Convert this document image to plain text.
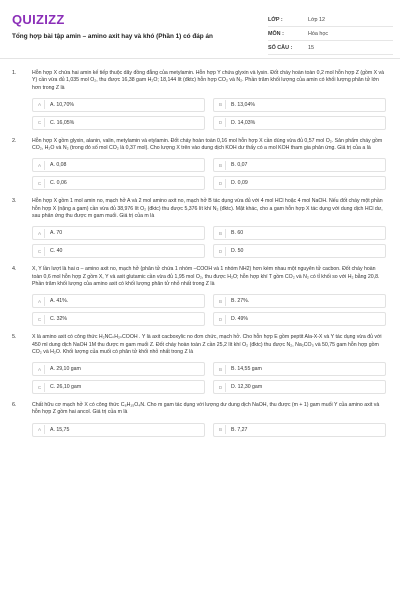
QUIZIZZ
Tổng hợp bài tập amin – amino axit hay và khó (Phần 1) có đáp án
LỚP :	Lớp 12
MÔN :	Hóa học
SỐ CÂU :	15
1.	Hỗn hợp X chứa hai amin kế tiếp thuộc dãy đồng đẳng của metylamin. Hỗn hợp Y chứa glyxin và lysin. Đốt cháy hoàn toàn 0,2 mol hỗn hợp Z (gồm X và Y) cần vừa đủ 1,035 mol O₂, thu được 16,38 gam H₂O; 18,144 lít (đktc) hỗn hợp CO₂ và N₂. Phần trăm khối lượng của amin có khối lượng phân tử lớn hơn trong Z là
A	A. 10,70%	B	B. 13,04%
C	C. 16,05%	D	D. 14,03%
2.	Hỗn hợp X gồm glyxin, alanin, valin, metylamin và etylamin. Đốt cháy hoàn toàn 0,16 mol hỗn hợp X cần dùng vừa đủ 0,57 mol O₂. Sản phẩm cháy gồm CO₂, H₂O và N₂ (trong đó số mol CO₂ là 0,37 mol). Cho lượng X trên vào dung dịch KOH dư thấy có a mol KOH tham gia phản ứng. Giá trị của a là
A	A. 0,08	B	B. 0,07
C	C. 0,06	D	D. 0,09
3.	Hỗn hợp X gồm 1 mol amin no, mạch hở A và 2 mol amino axit no, mạch hở B tác dụng vừa đủ với 4 mol HCl hoặc 4 mol NaOH. Nếu đốt cháy một phần hỗn hợp X (nặng a gam) cần vừa đủ 38,976 lít O₂ (đktc) thu được 5,376 lít khí N₂ (đktc). Mặt khác, cho a gam hỗn hợp X tác dụng với dung dịch HCl dư, sau phản ứng thu được m gam muối. Giá trị của m là
A	A. 70	B	B. 60
C	C. 40	D	D. 50
4.	X, Y lần lượt là hai α – amino axit no, mạch hở (phân tử chứa 1 nhóm –COOH và 1 nhóm NH2) hơn kém nhau một nguyên tử cacbon. Đốt cháy hoàn toàn 0,6 mol hỗn hợp Z gồm X, Y và axit glutamic cần vừa đủ 1,95 mol O₂, thu được H₂O; hỗn hợp khí T gồm CO₂ và N₂ có tỉ khối so với H₂ bằng 20,8. Phần trăm khối lượng của amino axit có khối lượng phân tử nhỏ nhất trong Z là
A	A. 41%.	B	B. 27%.
C	C. 32%	D	D. 49%
5.	X là amino axit có công thức H₂NCₙH₂ₙCOOH . Y là axit cacboxylic no đơn chức, mạch hở. Cho hỗn hợp E gồm peptit Ala-X-X và Y tác dụng vừa đủ với 450 ml dung dịch NaOH 1M thu được m gam muối Z. Đốt cháy hoàn toàn Z cần 25,2 lít khí O₂ (đktc) thu được N₂, Na₂CO₃ và 50,75 gam hỗn hợp gồm CO₂ và H₂O. Khối lượng của muối có phân tử khối nhỏ nhất trong Z là
A	A. 29,10 gam	B	B. 14,55 gam
C	C. 26,10 gam	D	D. 12,30 gam
6.	Chất hữu cơ mạch hở X có công thức C₈H₁₅O₄N. Cho m gam tác dụng với lượng dư dung dịch NaOH, thu được (m + 1) gam muối Y của amino axit và hỗn hợp Z gồm hai ancol. Giá trị của m là
A	A. 15,75	B	B. 7,27
